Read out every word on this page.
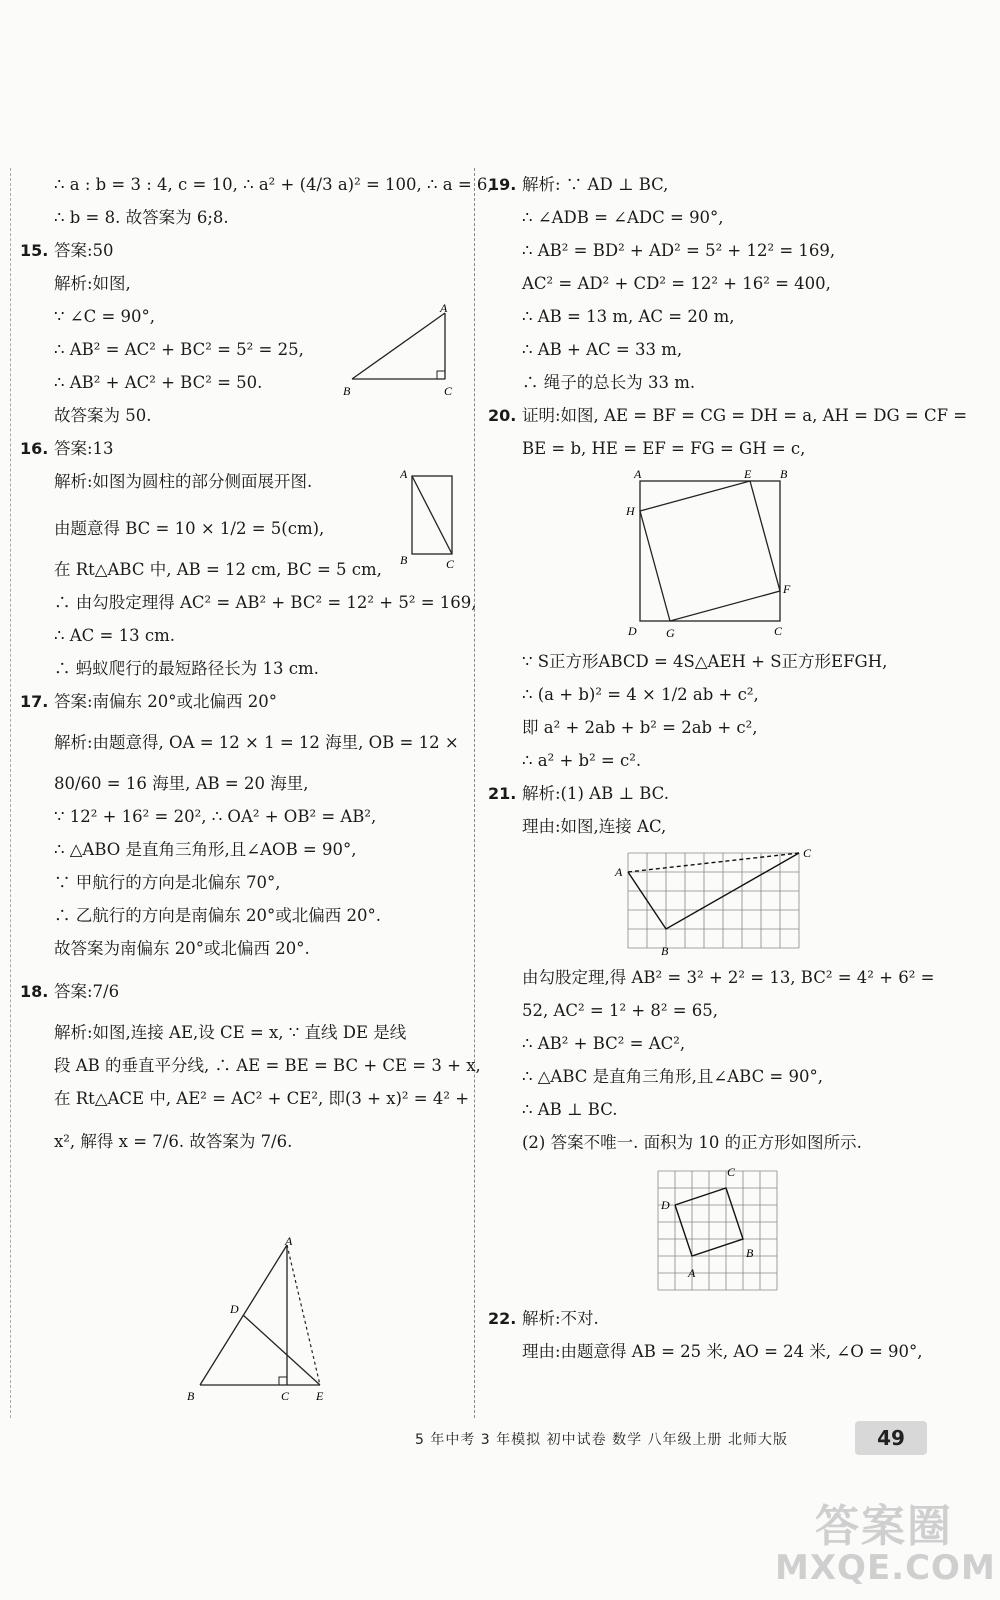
∴ a : b = 3 : 4, c = 10, ∴ a² + (4/3 a)² = 100, ∴ a = 6,
∴ b = 8. 故答案为 6;8.
15. 答案:50
解析:如图,
∵ ∠C = 90°,
∴ AB² = AC² + BC² = 5² = 25,
∴ AB² + AC² + BC² = 50.
故答案为 50.
16. 答案:13
解析:如图为圆柱的部分侧面展开图.
由题意得 BC = 10 × 1/2 = 5(cm),
在 Rt△ABC 中, AB = 12 cm, BC = 5 cm,
∴ 由勾股定理得 AC² = AB² + BC² = 12² + 5² = 169,
∴ AC = 13 cm.
∴ 蚂蚁爬行的最短路径长为 13 cm.
17. 答案:南偏东 20°或北偏西 20°
解析:由题意得, OA = 12 × 1 = 12 海里, OB = 12 ×
80/60 = 16 海里, AB = 20 海里,
∵ 12² + 16² = 20², ∴ OA² + OB² = AB²,
∴ △ABO 是直角三角形,且∠AOB = 90°,
∵ 甲航行的方向是北偏东 70°,
∴ 乙航行的方向是南偏东 20°或北偏西 20°.
故答案为南偏东 20°或北偏西 20°.
18. 答案:7/6
解析:如图,连接 AE,设 CE = x, ∵ 直线 DE 是线
段 AB 的垂直平分线, ∴ AE = BE = BC + CE = 3 + x,
在 Rt△ACE 中, AE² = AC² + CE², 即(3 + x)² = 4² +
x², 解得 x = 7/6. 故答案为 7/6.
A
B	C
A
B	C
A
D
B	C E
19. 解析: ∵ AD ⊥ BC,
∴ ∠ADB = ∠ADC = 90°,
∴ AB² = BD² + AD² = 5² + 12² = 169,
AC² = AD² + CD² = 12² + 16² = 400,
∴ AB = 13 m, AC = 20 m,
∴ AB + AC = 33 m,
∴ 绳子的总长为 33 m.
20. 证明:如图, AE = BF = CG = DH = a, AH = DG = CF =
BE = b, HE = EF = FG = GH = c,
A	E B
H
F
D G	C
∵ S正方形ABCD = 4S△AEH + S正方形EFGH,
∴ (a + b)² = 4 × 1/2 ab + c²,
即 a² + 2ab + b² = 2ab + c²,
∴ a² + b² = c².
21. 解析:(1) AB ⊥ BC.
理由:如图,连接 AC,
A
B
C
由勾股定理,得 AB² = 3² + 2² = 13, BC² = 4² + 6² =
52, AC² = 1² + 8² = 65,
∴ AB² + BC² = AC²,
∴ △ABC 是直角三角形,且∠ABC = 90°,
∴ AB ⊥ BC.
(2) 答案不唯一. 面积为 10 的正方形如图所示.
D
C
B
A
22. 解析:不对.
理由:由题意得 AB = 25 米, AO = 24 米, ∠O = 90°,
5 年中考 3 年模拟 初中试卷 数学 八年级上册 北师大版	49
答案圈
MXQE.COM
